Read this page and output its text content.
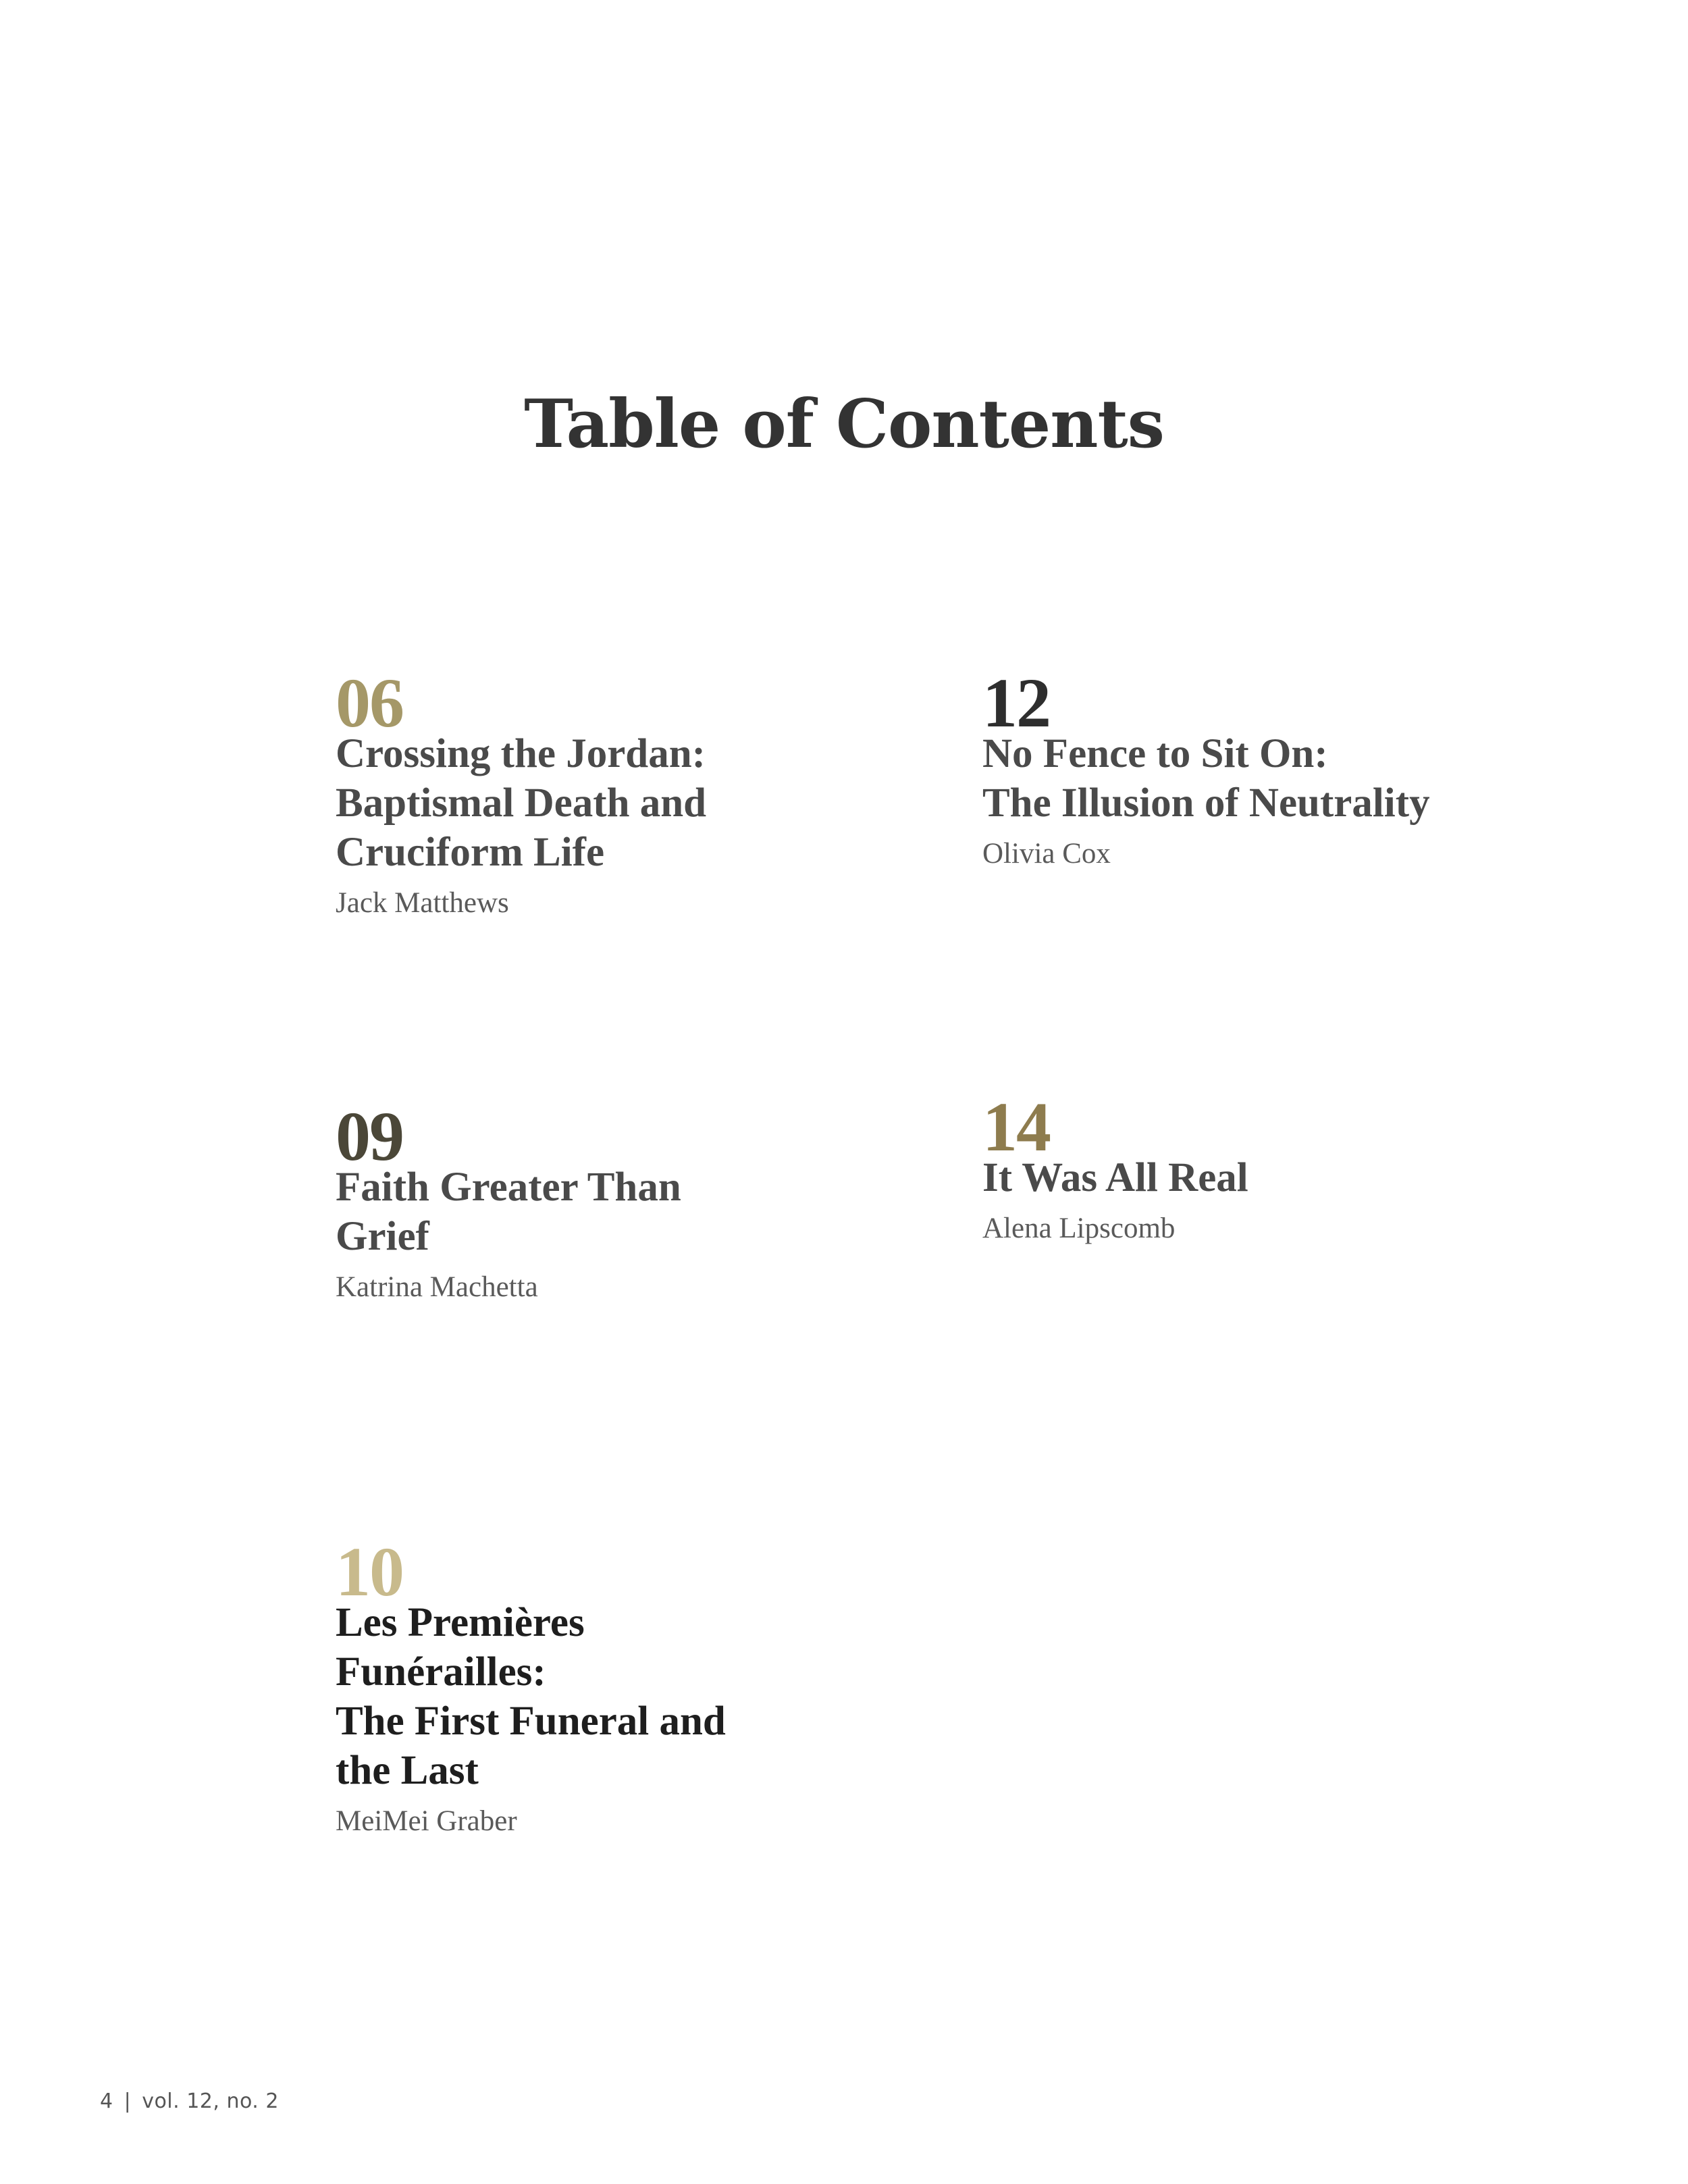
Table of Contents
06
Crossing the Jordan:
Baptismal Death and
Cruciform Life
Jack Matthews
12
No Fence to Sit On:
The Illusion of Neutrality
Olivia Cox
09
Faith Greater Than
Grief
Katrina Machetta
14
It Was All Real
Alena Lipscomb
10
Les Premières
Funérailles:
The First Funeral and
the Last
MeiMei Graber
4 | vol. 12, no. 2
